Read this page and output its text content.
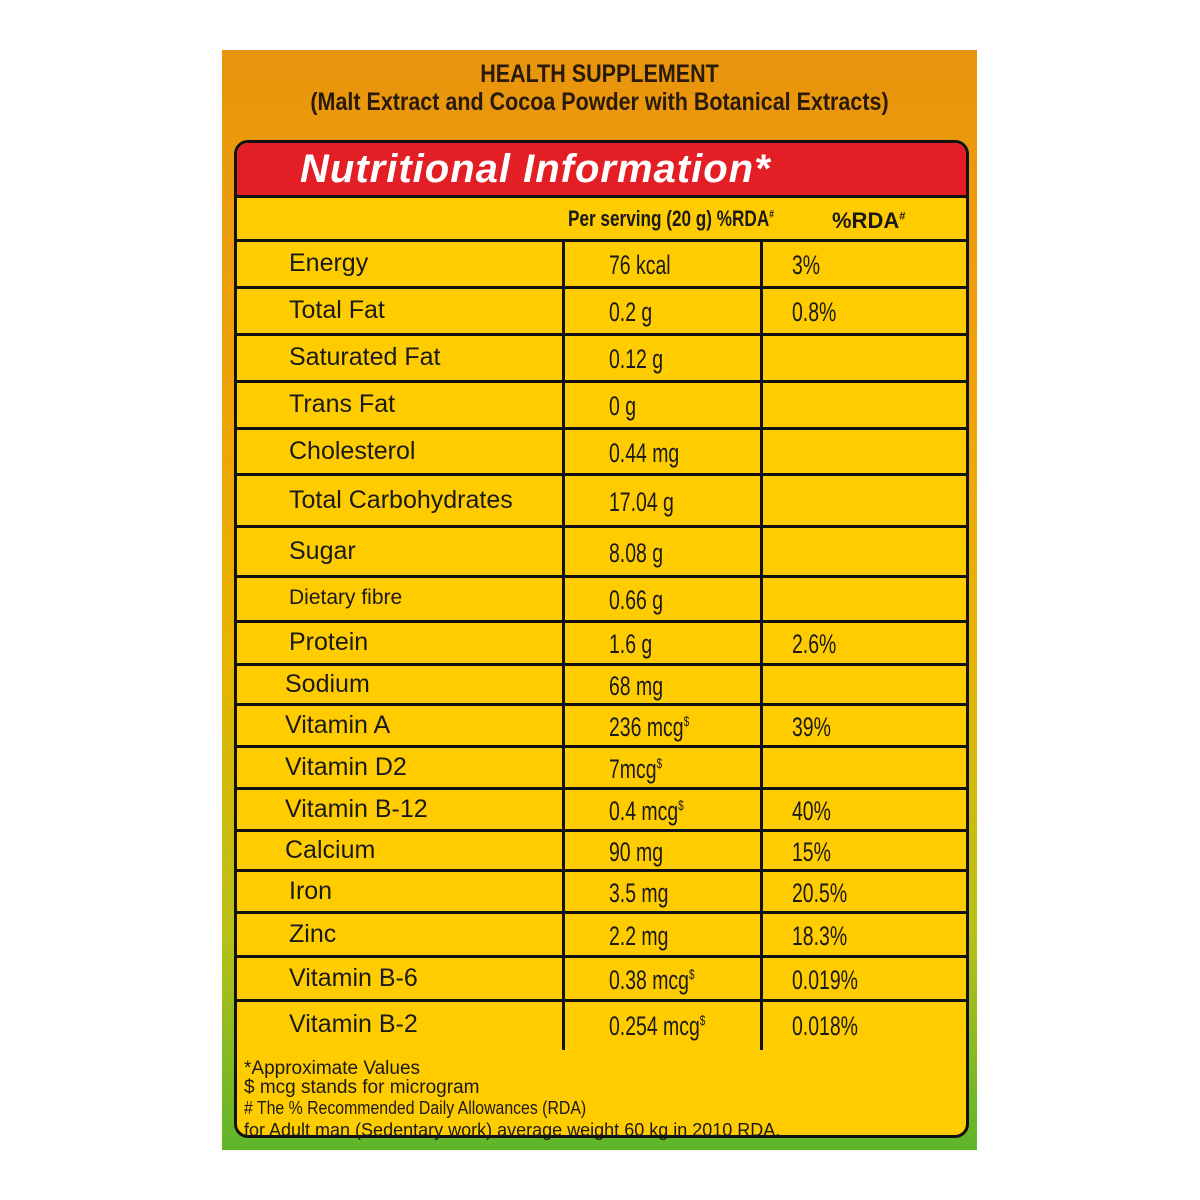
HEALTH SUPPLEMENT
(Malt Extract and Cocoa Powder with Botanical Extracts)
Nutritional Information*
Per serving (20 g) %RDA#	%RDA#
Energy	76 kcal	3%
Total Fat	0.2 g	0.8%
Saturated Fat	0.12 g
Trans Fat	0 g
Cholesterol	0.44 mg
Total Carbohydrates	17.04 g
Sugar	8.08 g
Dietary fibre	0.66 g
Protein	1.6 g	2.6%
Sodium	68 mg
Vitamin A	236 mcg$	39%
Vitamin D2	7mcg$
Vitamin B-12	0.4 mcg$	40%
Calcium	90 mg	15%
Iron	3.5 mg	20.5%
Zinc	2.2 mg	18.3%
Vitamin B-6	0.38 mcg$	0.019%
Vitamin B-2	0.254 mcg$	0.018%
*Approximate Values
$ mcg stands for microgram
# The % Recommended Daily Allowances (RDA)
for Adult man (Sedentary work) average weight 60 kg in 2010 RDA.
